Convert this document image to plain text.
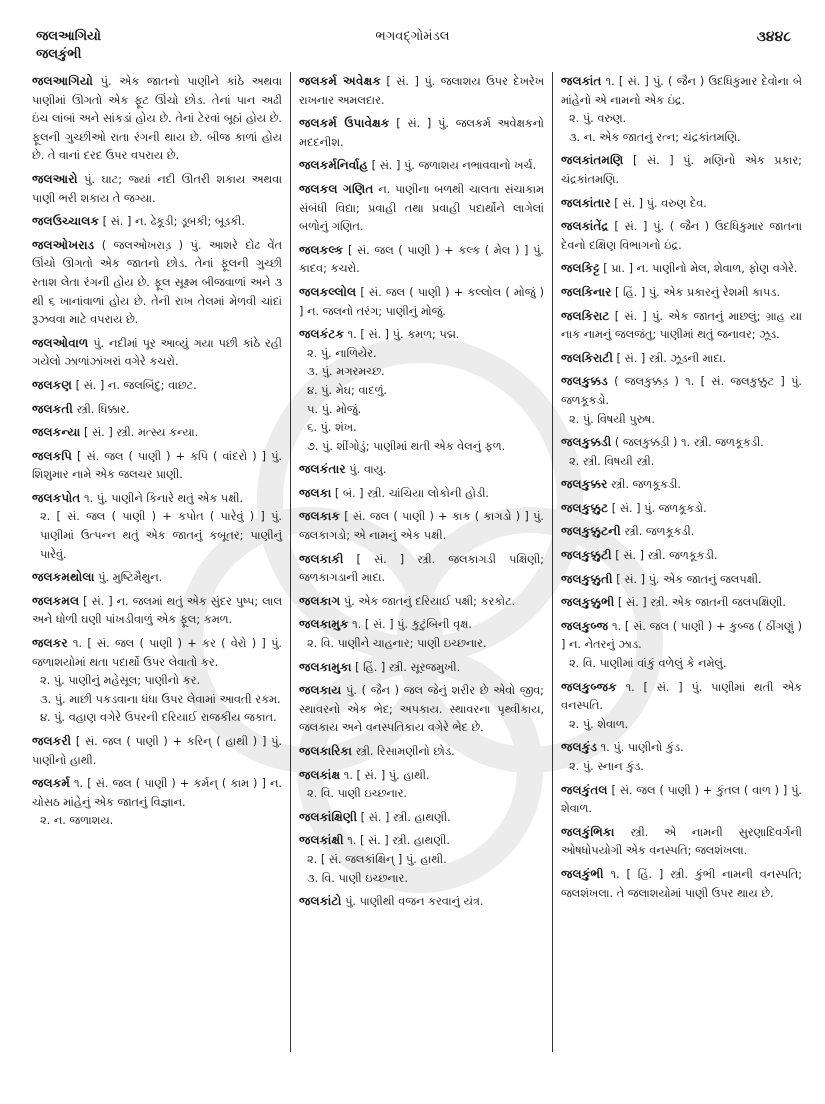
જલઆગિયો
જલકુંભી
ભગવદ્ગોમંડલ	૩૪૪૮
જલઆગિયો પું. એક જાતનો પાણીને કાંઠે અથવા પાણીમાં ઊગતો એક ફૂટ ઊંચો છોડ. તેનાં પાન અઢી ઇંચ લાંબાં અને સાંકડાં હોય છે. તેનાં ટેરવાં બૂઠાં હોય છે. ફૂલની ગુચ્છીઓ રાતા રંગની થાય છે. બીજ કાળાં હોય છે. તે વાનાં દરદ ઉપર વપરાય છે.
જલઆરો પું. ઘાટ; જ્યાં નદી ઊતરી શકાય અથવા પાણી ભરી શકાય તે જગ્યા.
જલઉચ્ચાલક [ સં. ] ન. ઢેકૂડી; ડૂબકી; બૂડકી.
જલઓખરાડ ( જલઓખરાડ઼ ) પું. આશરે દોઢ વેંત ઊંચો ઊગતો એક જાતનો છોડ. તેનાં ફૂલની ગુચ્છી રતાશ લેતા રંગની હોય છે. ફૂલ સૂક્ષ્મ બીજવાળાં અને ૩ થી ૬ ખાનાંવાળાં હોય છે. તેની રાખ તેલમાં મેળવી ચાંદાં રૂઝવવા માટે વપરાય છે.
જલઓવાળ પું. નદીમાં પૂર આવ્યું ગયા પછી કાંઠે રહી ગયેલો ઝાળાંઝાંખરાં વગેરે કચરો.
જલકણ [ સં. ] ન. જલબિંદુ; વાછટ.
જલકતી સ્ત્રી. ધિક્કાર.
જલકન્યા [ સં. ] સ્ત્રી. મત્સ્ય કન્યા.
જલકપિ [ સં. જલ ( પાણી ) + કપિ ( વાંદરો ) ] પું. શિશુમાર નામે એક જલચર પ્રાણી.
જલકપોત ૧. પું. પાણીને કિનારે થતું એક પક્ષી.
૨. [ સં. જલ ( પાણી ) + કપોત ( પારેવું ) ] પું. પાણીમાં ઉત્પન્ન થતું એક જાતનું કબૂતર; પાણીનું પારેવું.
જલકમથોલા પું. મુષ્ટિમૈથુન.
જલકમલ [ સં. ] ન. જલમાં થતું એક સુંદર પુષ્પ; લાલ અને ધોળી ઘણી પાંખડીવાળું એક ફૂલ; કમળ.
જલકર ૧. [ સં. જલ ( પાણી ) + કર ( વેરો ) ] પું. જળાશયોમાં થતા પદાર્થો ઉપર લેવાતો કર.
૨. પું. પાણીનું મહેસૂલ; પાણીનો કર.
૩. પું. માછી પકડવાના ધંધા ઉપર લેવામાં આવતી રકમ.
૪. પું. વહાણ વગેરે ઉપરની દરિયાઈ રાજકીય જકાત.
જલકરી [ સં. જલ ( પાણી ) + કરિન્ ( હાથી ) ] પું. પાણીનો હાથી.
જલકર્મ ૧. [ સં. જલ ( પાણી ) + કર્મન્ ( કામ ) ] ન. ચોસઠ માંહેનું એક જાતનું વિજ્ઞાન.
૨. ન. જળાશય.
જલકર્મ અવેક્ષક [ સં. ] પું. જલાશય ઉપર દેખરેખ રાખનાર અમલદાર.
જલકર્મ ઉપાવેક્ષક [ સં. ] પું. જલકર્મ અવેક્ષકનો મદદનીશ.
જલકર્મનિર્વાહ [ સં. ] પું. જળાશય નભાવવાનો ખર્ચ.
જલકલ ગણિત ન. પાણીના બળથી ચાલતા સંચાકામ સંબંધી વિદ્યા; પ્રવાહી તથા પ્રવાહી પદાર્થોને લાગેલાં બળોનું ગણિત.
જલકલ્ક [ સં. જલ ( પાણી ) + કલ્ક ( મેલ ) ] પું. કાદવ; કચરો.
જલકલ્લોલ [ સં. જલ ( પાણી ) + કલ્લોલ ( મોજું ) ] ન. જલનો તરંગ; પાણીનું મોજું.
જલકંટક ૧. [ સં. ] પું. કમળ; પદ્મ.
૨. પું. નાળિયેર.
૩. પું. મગરમચ્છ.
૪. પું. મેઘ; વાદળું.
૫. પું. મોજું.
૬. પું. શંખ.
૭. પું. શીંગોડું; પાણીમાં થતી એક વેલનું ફળ.
જલકંતાર પું. વાયુ.
જલકા [ બં. ] સ્ત્રી. ચાંચિયા લોકોની હોડી.
જલકાક [ સં. જલ ( પાણી ) + કાક ( કાગડો ) ] પું. જલકાગડો; એ નામનું એક પક્ષી.
જલકાકી [ સં. ] સ્ત્રી. જલકાગડી પક્ષિણી; જળકાગડાની માદા.
જલકાગ પું. એક જાતનું દરિયાઈ પક્ષી; કરકોટ.
જલકામુક ૧. [ સં. ] પું. કુટુંબિની વૃક્ષ.
૨. વિ. પાણીને ચાહનાર; પાણી ઇચ્છનાર.
જલકામુકા [ હિં. ] સ્ત્રી. સૂરજમુખી.
જલકાય પું. ( જૈન ) જલ જેનું શરીર છે એવો જીવ; સ્થાવરનો એક ભેદ; અપકાય. સ્થાવરના પૃથ્વીકાય, જલકાય અને વનસ્પતિકાય વગેરે ભેદ છે.
જલકારિકા સ્ત્રી. રિસામણીનો છોડ.
જલકાંક્ષ ૧. [ સં. ] પું. હાથી.
૨. વિ. પાણી ઇચ્છનાર.
જલકાંક્ષિણી [ સં. ] સ્ત્રી. હાથણી.
જલકાંક્ષી ૧. [ સં. ] સ્ત્રી. હાથણી.
૨. [ સં. જલકાંક્ષિન્ ] પું. હાથી.
૩. વિ. પાણી ઇચ્છનાર.
જલકાંટો પું. પાણીથી વજન કરવાનું યંત્ર.
જલકાંત ૧. [ સં. ] પું. ( જૈન ) ઉદધિકુમાર દેવોના બે માંહેનો એ નામનો એક ઇંદ્ર.
૨. પું. વરુણ.
૩. ન. એક જાતનું રત્ન; ચંદ્રકાંતમણિ.
જલકાંતમણિ [ સં. ] પું. મણિનો એક પ્રકાર; ચંદ્રકાંતમણિ.
જલકાંતાર [ સં. ] પું. વરુણ દેવ.
જલકાંતેંદ્ર [ સં. ] પું. ( જૈન ) ઉદધિકુમાર જાતના દેવનો દક્ષિણ વિભાગનો ઇંદ્ર.
જલકિટ્ટ [ પ્રા. ] ન. પાણીનો મેલ, શેવાળ, ફોણ વગેરે.
જલકિનાર [ હિં. ] પું. એક પ્રકારનું રેશમી કાપડ.
જલકિરાટ [ સં. ] પું. એક જાતનું માછલું; ગ્રાહ યા નાક નામનું જલજંતુ; પાણીમાં થતું જનાવર; ઝૂડ.
જલકિરાટી [ સં. ] સ્ત્રી. ઝૂડની માદા.
જલકુક્કડ ( જલકુક્કડ઼ ) ૧. [ સં. જલકુક્કુટ ] પું. જળકૂકડો.
૨. પું. વિષયી પુરુષ.
જલકુક્કડી ( જલકુક્કડ઼ી ) ૧. સ્ત્રી. જળકૂકડી.
૨. સ્ત્રી. વિષયી સ્ત્રી.
જલકુક્કર સ્ત્રી. જળકૂકડી.
જલકુક્કુટ [ સં. ] પું. જળકૂકડો.
જલકુક્કુટની સ્ત્રી. જળકૂકડી.
જલકુક્કુટી [ સં. ] સ્ત્રી. જળકૂકડી.
જલકુક્કુતી [ સં. ] પું. એક જાતનું જલપક્ષી.
જલકુક્કુભી [ સં. ] સ્ત્રી. એક જાતની જલપક્ષિણી.
જલકુબ્જ ૧. [ સં. જલ ( પાણી ) + કુબ્જ ( ઠીંગણું ) ] ન. નેતરનું ઝાડ.
૨. વિ. પાણીમાં વાંકું વળેલું કે નમેલું.
જલકુબ્જક ૧. [ સં. ] પું. પાણીમાં થતી એક વનસ્પતિ.
૨. પું. શેવાળ.
જલકુંડ ૧. પું. પાણીનો કુંડ.
૨. પું. સ્નાન કુંડ.
જલકુંતલ [ સં. જલ ( પાણી ) + કુંતલ ( વાળ ) ] પું. શેવાળ.
જલકુંભિકા સ્ત્રી. એ નામની સુરણાદિવર્ગની ઓષધોપયોગી એક વનસ્પતિ; જલશંખલા.
જલકુંભી ૧. [ હિં. ] સ્ત્રી. કુંભી નામની વનસ્પતિ; જલશંખલા. તે જલાશયોમાં પાણી ઉપર થાય છે.
